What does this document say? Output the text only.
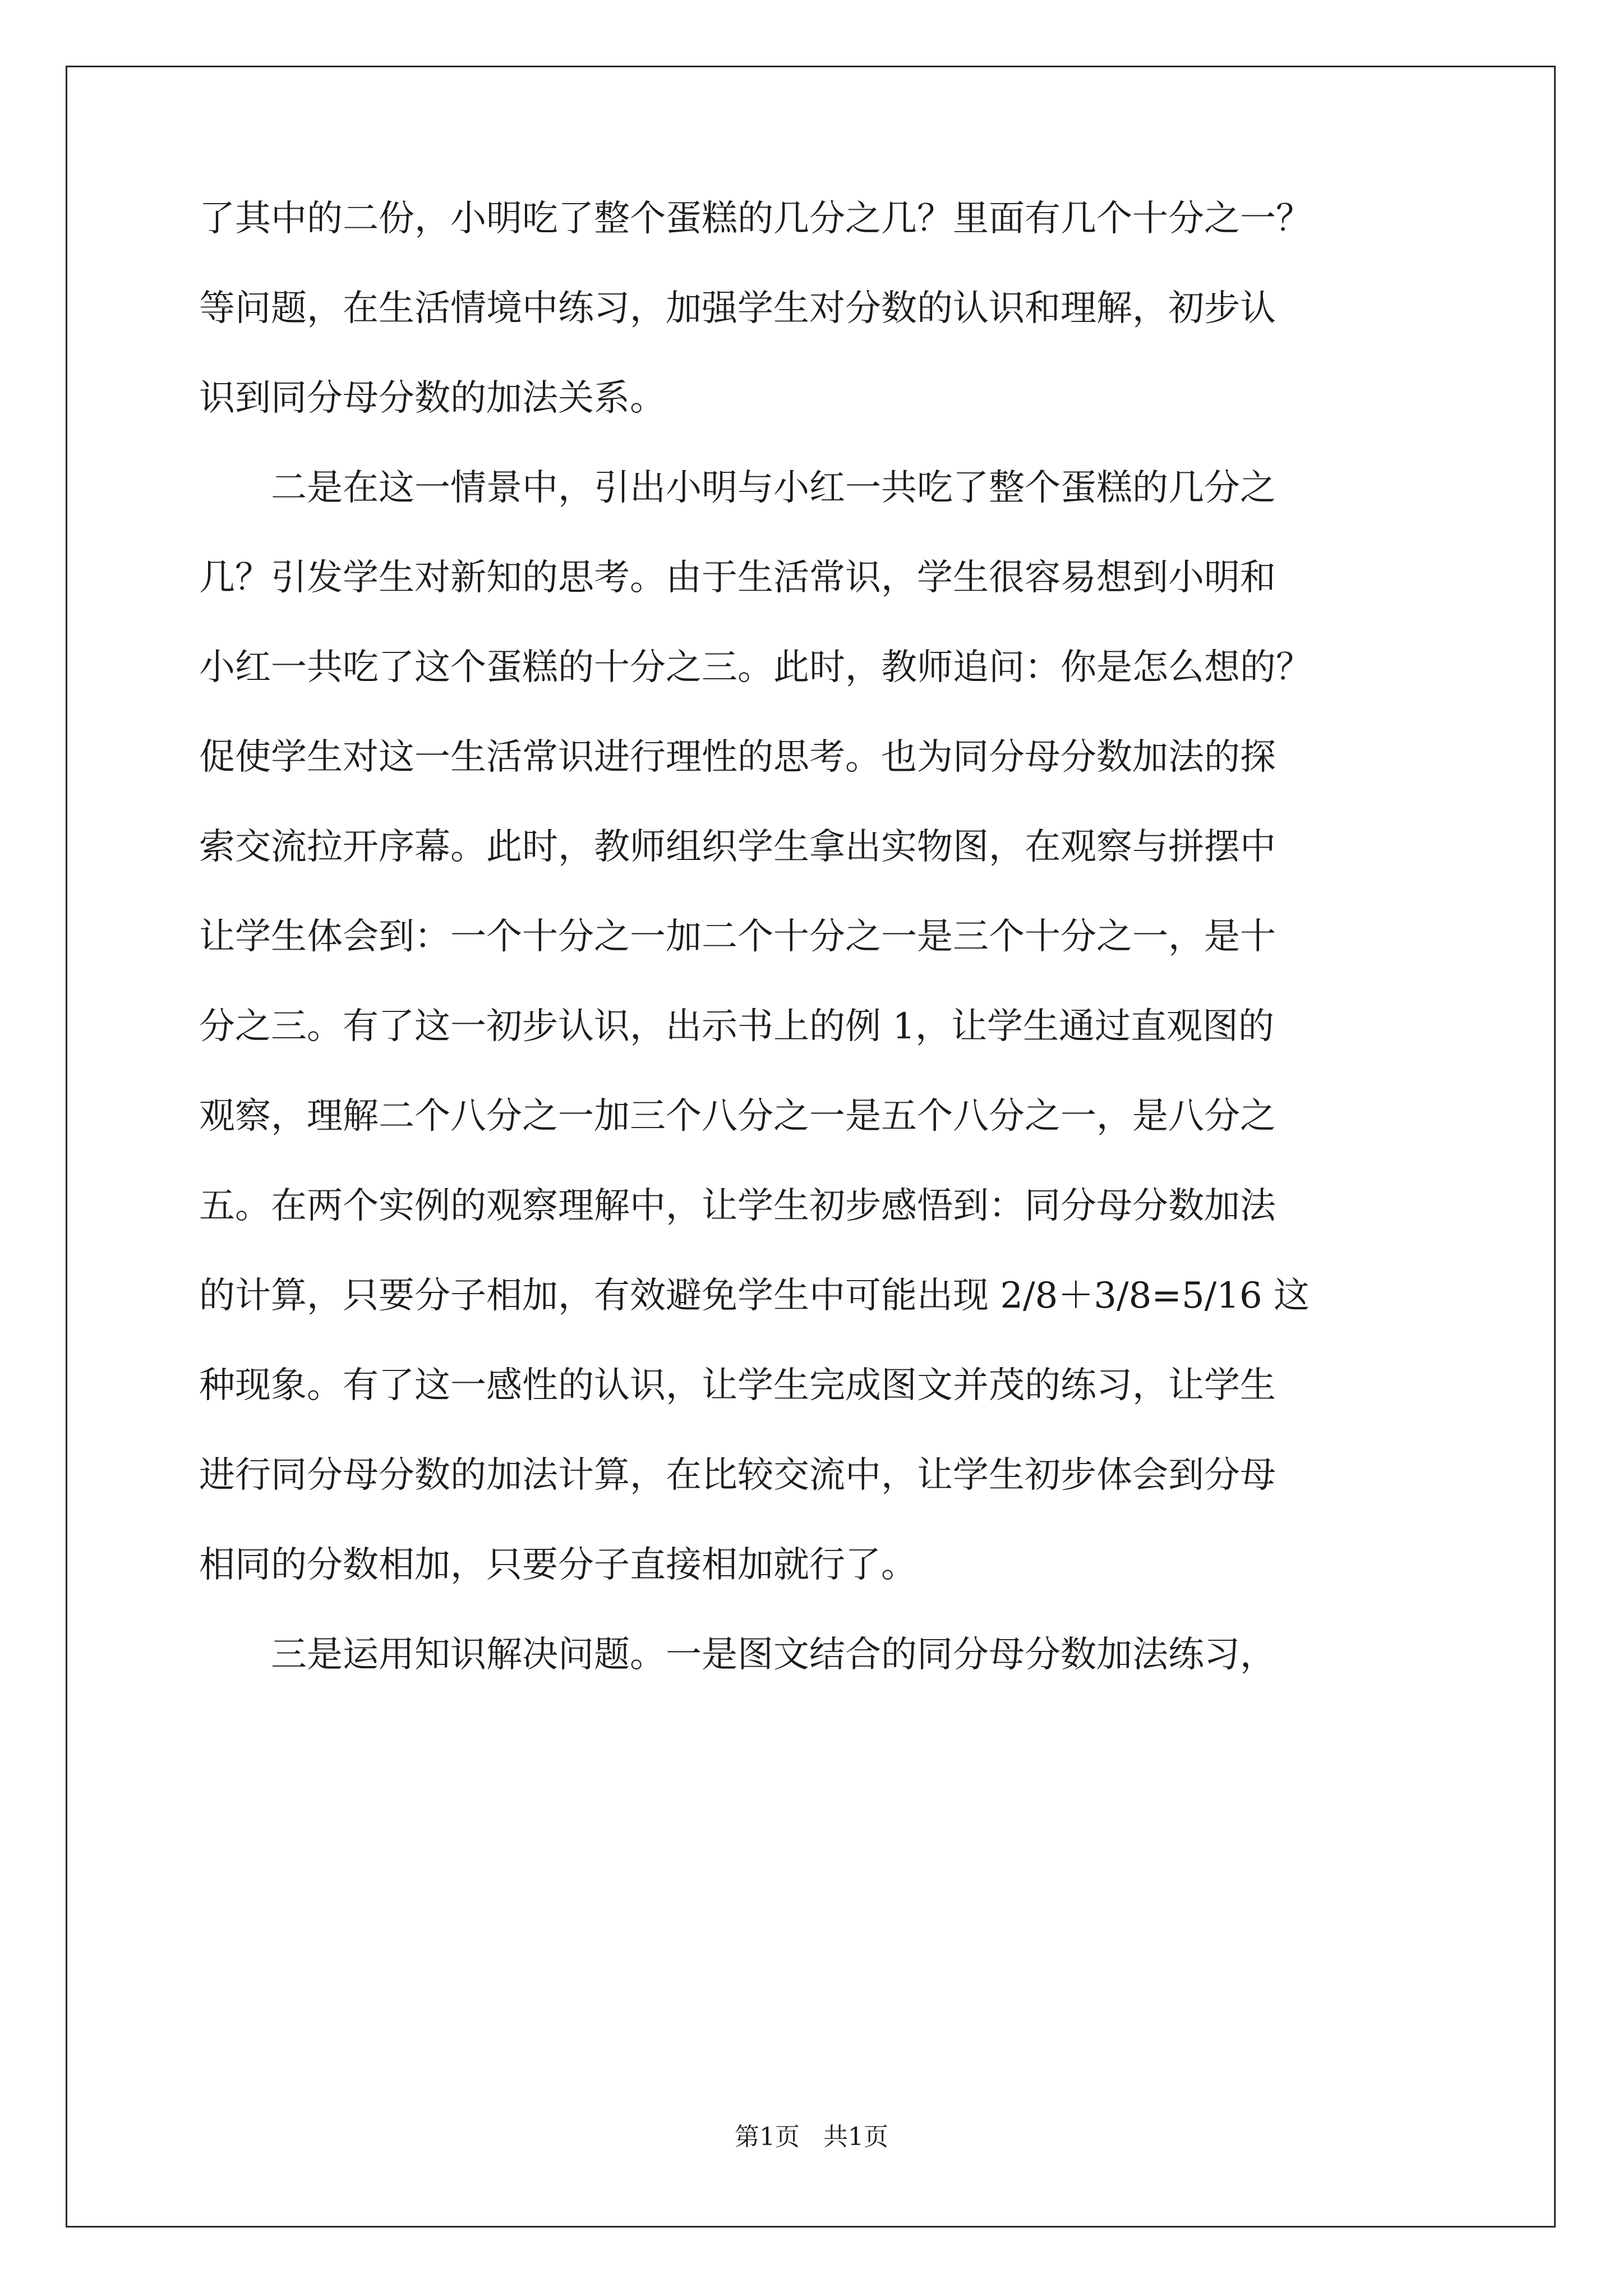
了其中的二份，小明吃了整个蛋糕的几分之几？里面有几个十分之一？
等问题，在生活情境中练习，加强学生对分数的认识和理解，初步认
识到同分母分数的加法关系。
　　二是在这一情景中，引出小明与小红一共吃了整个蛋糕的几分之
几？引发学生对新知的思考。由于生活常识，学生很容易想到小明和
小红一共吃了这个蛋糕的十分之三。此时，教师追问：你是怎么想的？
促使学生对这一生活常识进行理性的思考。也为同分母分数加法的探
索交流拉开序幕。此时，教师组织学生拿出实物图，在观察与拼摆中
让学生体会到：一个十分之一加二个十分之一是三个十分之一，是十
分之三。有了这一初步认识，出示书上的例 1，让学生通过直观图的
观察，理解二个八分之一加三个八分之一是五个八分之一，是八分之
五。在两个实例的观察理解中，让学生初步感悟到：同分母分数加法
的计算，只要分子相加，有效避免学生中可能出现 2/8＋3/8=5/16 这
种现象。有了这一感性的认识，让学生完成图文并茂的练习，让学生
进行同分母分数的加法计算，在比较交流中，让学生初步体会到分母
相同的分数相加，只要分子直接相加就行了。
　　三是运用知识解决问题。一是图文结合的同分母分数加法练习，
第1页   共1页
